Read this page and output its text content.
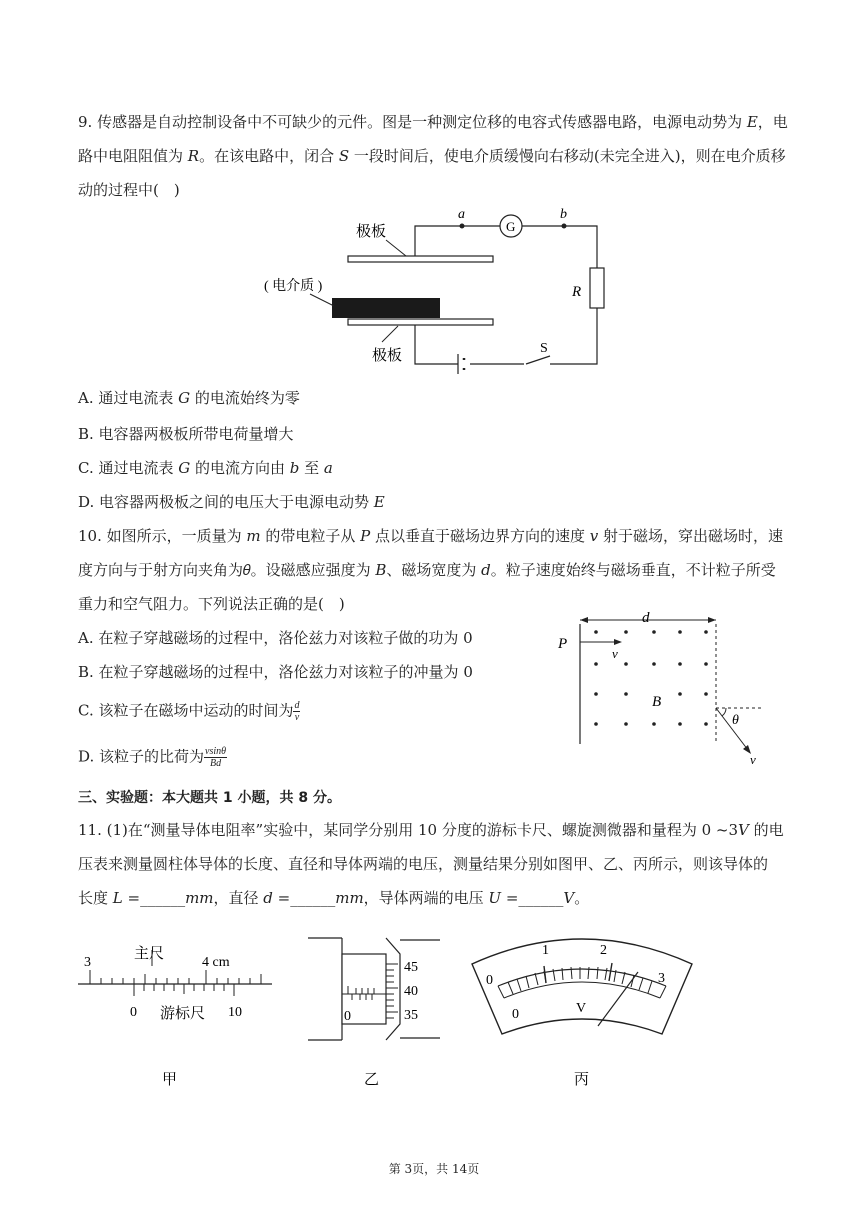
9. 传感器是自动控制设备中不可缺少的元件。图是一种测定位移的电容式传感器电路，电源电动势为 𝐸，电
路中电阻阻值为 𝑅。在该电路中，闭合 𝑆 一段时间后，使电介质缓慢向右移动(未完全进入)，则在电介质移
动的过程中(　)
S
R
G
a	b
极板
( 电介质 )
极板
A. 通过电流表 𝐺 的电流始终为零
B. 电容器两极板所带电荷量增大
C. 通过电流表 𝐺 的电流方向由 𝑏 至 𝑎
D. 电容器两极板之间的电压大于电源电动势 𝐸
10. 如图所示，一质量为 𝑚 的带电粒子从 𝑃 点以垂直于磁场边界方向的速度 𝑣 射于磁场，穿出磁场时，速
度方向与于射方向夹角为𝜃。设磁感应强度为 𝐵、磁场宽度为 𝑑。粒子速度始终与磁场垂直，不计粒子所受
重力和空气阻力。下列说法正确的是(　)
A. 在粒子穿越磁场的过程中，洛伦兹力对该粒子做的功为 0
B. 在粒子穿越磁场的过程中，洛伦兹力对该粒子的冲量为 0
C. 该粒子在磁场中运动的时间为 $\frac{d}{v}$
D. 该粒子的比荷为 $\frac{vsin\theta}{Bd}$
d
P
v
B
θ
v
三、实验题：本大题共 1 小题，共 8 分。
11. (1)在“测量导体电阻率”实验中，某同学分别用 10 分度的游标卡尺、螺旋测微器和量程为 0 ~3𝑉 的电
压表来测量圆柱体导体的长度、直径和导体两端的电压，测量结果分别如图甲、乙、丙所示，则该导体的
长度 𝐿 =______𝑚𝑚，直径 𝑑 =______𝑚𝑚，导体两端的电压 𝑈 =______𝑉。
主尺
3	4 cm
0 游标尺 10
甲
45
40
35
0
乙
0
1	2
3
0	V
丙
第 3页，共 14页
